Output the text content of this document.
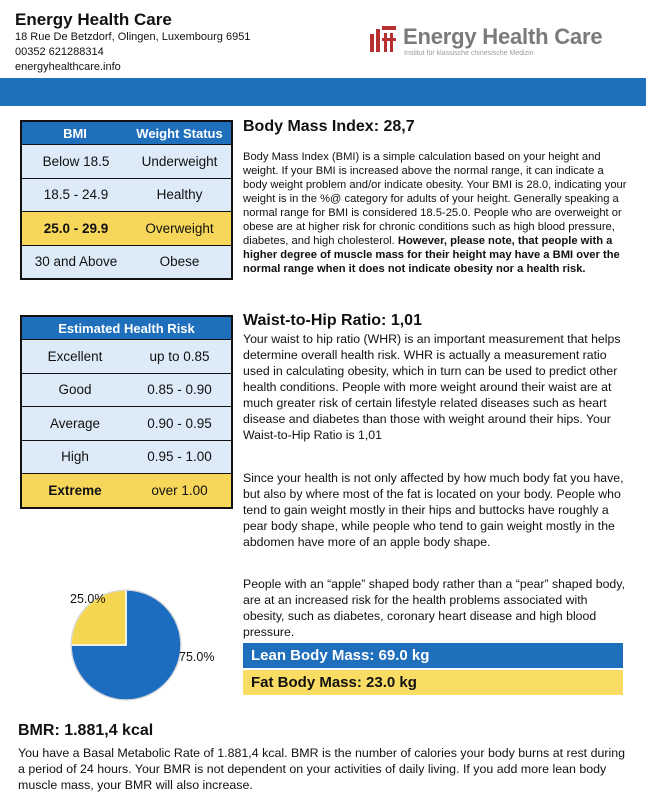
Energy Health Care
18 Rue De Betzdorf, Olingen, Luxembourg 6951
00352 621288314
energyhealthcare.info
Energy Health Care
Institut für klassische chinesische Medizin
BMI	Weight Status
Below 18.5	Underweight
18.5 - 24.9	Healthy
25.0 - 29.9	Overweight
30 and Above	Obese
Body Mass Index: 28,7
Body Mass Index (BMI) is a simple calculation based on your height and weight. If your BMI is increased above the normal range, it can indicate a body weight problem and/or indicate obesity. Your BMI is 28.0, indicating your weight is in the %@ category for adults of your height. Generally speaking a normal range for BMI is considered 18.5-25.0. People who are overweight or obese are at higher risk for chronic conditions such as high blood pressure, diabetes, and high cholesterol. However, please note, that people with a higher degree of muscle mass for their height may have a BMI over the normal range when it does not indicate obesity nor a health risk.
Estimated Health Risk
Excellent	up to 0.85
Good	0.85 - 0.90
Average	0.90 - 0.95
High	0.95 - 1.00
Extreme	over 1.00
Waist-to-Hip Ratio: 1,01
Your waist to hip ratio (WHR) is an important measurement that helps determine overall health risk. WHR is actually a measurement ratio used in calculating obesity, which in turn can be used to predict other health conditions. People with more weight around their waist are at much greater risk of certain lifestyle related diseases such as heart disease and diabetes than those with weight around their hips. Your Waist-to-Hip Ratio is 1,01
Since your health is not only affected by how much body fat you have, but also by where most of the fat is located on your body. People who tend to gain weight mostly in their hips and buttocks have roughly a pear body shape, while people who tend to gain weight mostly in the abdomen have more of an apple body shape.
People with an “apple” shaped body rather than a “pear” shaped body, are at an increased risk for the health problems associated with obesity, such as diabetes, coronary heart disease and high blood pressure.
25.0%
75.0%	Lean Body Mass: 69.0 kg
Fat Body Mass: 23.0 kg
BMR: 1.881,4 kcal
You have a Basal Metabolic Rate of 1.881,4 kcal. BMR is the number of calories your body burns at rest during a period of 24 hours. Your BMR is not dependent on your activities of daily living. If you add more lean body muscle mass, your BMR will also increase.
